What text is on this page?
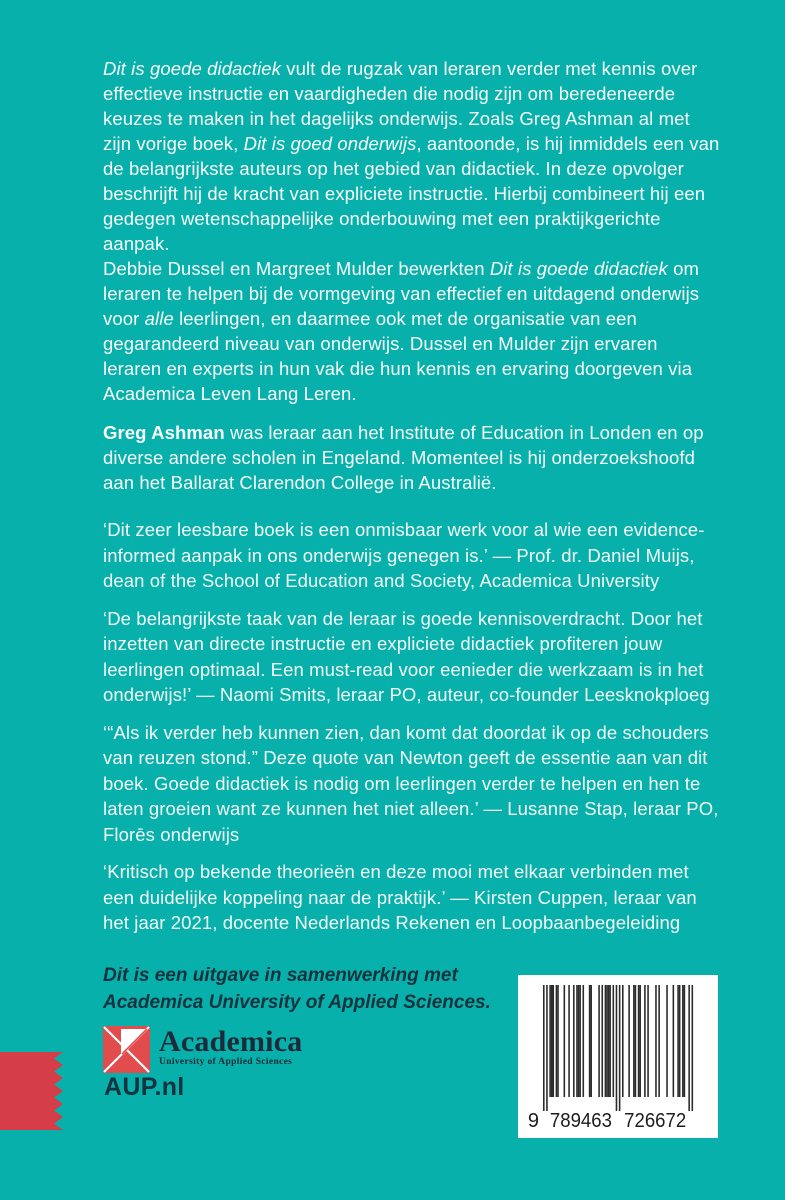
Dit is goede didactiek vult de rugzak van leraren verder met kennis over effectieve instructie en vaardigheden die nodig zijn om beredeneerde keuzes te maken in het dagelijks onderwijs. Zoals Greg Ashman al met zijn vorige boek, Dit is goed onderwijs, aantoonde, is hij inmiddels een van de belangrijkste auteurs op het gebied van didactiek. In deze opvolger beschrijft hij de kracht van expliciete instructie. Hierbij combineert hij een gedegen wetenschappelijke onderbouwing met een praktijkgerichte aanpak.

Debbie Dussel en Margreet Mulder bewerkten Dit is goede didactiek om leraren te helpen bij de vormgeving van effectief en uitdagend onderwijs voor alle leerlingen, en daarmee ook met de organisatie van een gegarandeerd niveau van onderwijs. Dussel en Mulder zijn ervaren leraren en experts in hun vak die hun kennis en ervaring doorgeven via Academica Leven Lang Leren.

Greg Ashman was leraar aan het Institute of Education in Londen en op diverse andere scholen in Engeland. Momenteel is hij onderzoekshoofd aan het Ballarat Clarendon College in Australië.

‘Dit zeer leesbare boek is een onmisbaar werk voor al wie een evidence-informed aanpak in ons onderwijs genegen is.’ — Prof. dr. Daniel Muijs, dean of the School of Education and Society, Academica University

‘De belangrijkste taak van de leraar is goede kennisoverdracht. Door het inzetten van directe instructie en expliciete didactiek profiteren jouw leerlingen optimaal. Een must-read voor eenieder die werkzaam is in het onderwijs!’ — Naomi Smits, leraar PO, auteur, co-founder Leesknokploeg

‘“Als ik verder heb kunnen zien, dan komt dat doordat ik op de schouders van reuzen stond.” Deze quote van Newton geeft de essentie aan van dit boek. Goede didactiek is nodig om leerlingen verder te helpen en hen te laten groeien want ze kunnen het niet alleen.’ — Lusanne Stap, leraar PO, Florēs onderwijs

‘Kritisch op bekende theorieën en deze mooi met elkaar verbinden met een duidelijke koppeling naar de praktijk.’ — Kirsten Cuppen, leraar van het jaar 2021, docente Nederlands Rekenen en Loopbaanbegeleiding

Dit is een uitgave in samenwerking met Academica University of Applied Sciences.

Academica
University of Applied Sciences
AUP.nl
9 789463 726672
